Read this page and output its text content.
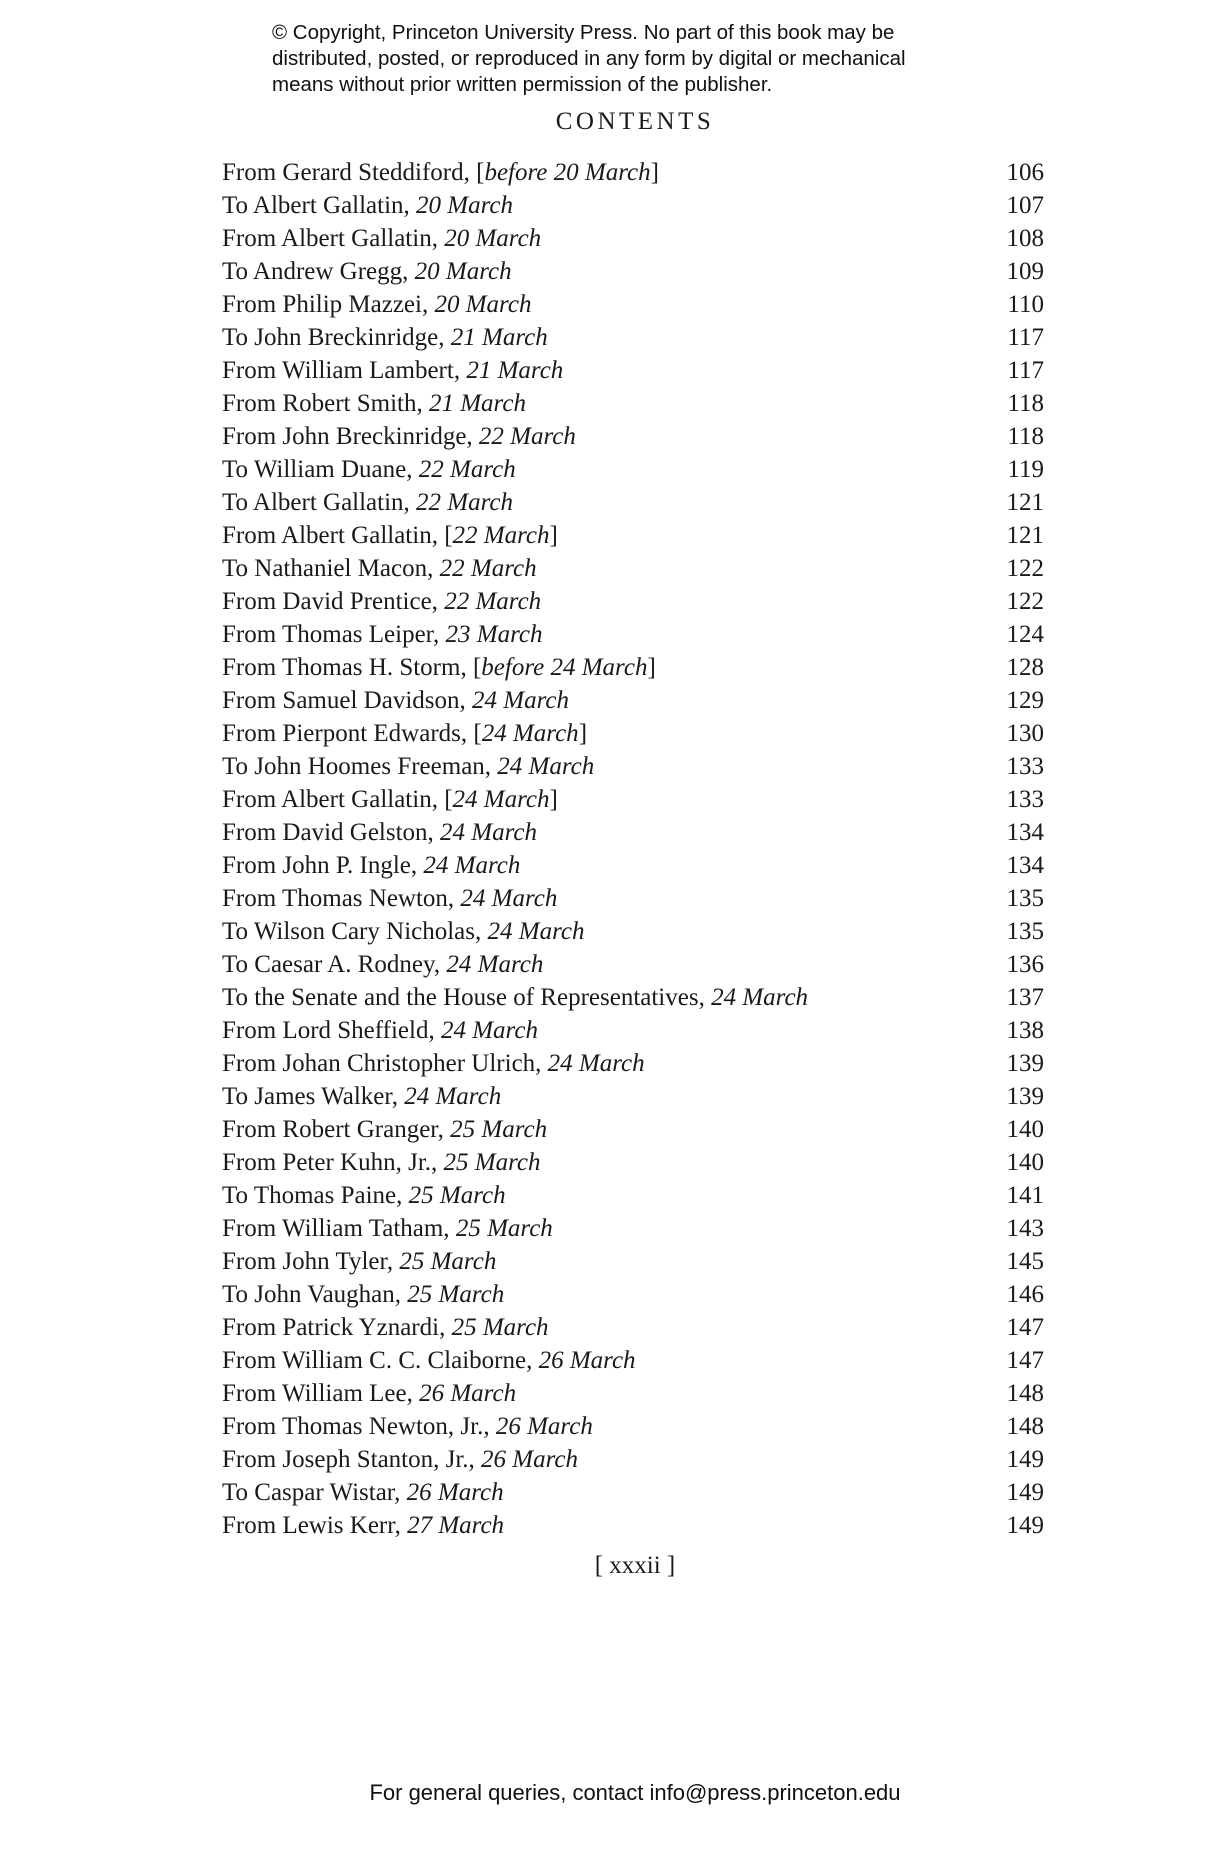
© Copyright, Princeton University Press. No part of this book may be
distributed, posted, or reproduced in any form by digital or mechanical
means without prior written permission of the publisher.
CONTENTS
From Gerard Steddiford, [before 20 March]	106
To Albert Gallatin, 20 March	107
From Albert Gallatin, 20 March	108
To Andrew Gregg, 20 March	109
From Philip Mazzei, 20 March	110
To John Breckinridge, 21 March	117
From William Lambert, 21 March	117
From Robert Smith, 21 March	118
From John Breckinridge, 22 March	118
To William Duane, 22 March	119
To Albert Gallatin, 22 March	121
From Albert Gallatin, [22 March]	121
To Nathaniel Macon, 22 March	122
From David Prentice, 22 March	122
From Thomas Leiper, 23 March	124
From Thomas H. Storm, [before 24 March]	128
From Samuel Davidson, 24 March	129
From Pierpont Edwards, [24 March]	130
To John Hoomes Freeman, 24 March	133
From Albert Gallatin, [24 March]	133
From David Gelston, 24 March	134
From John P. Ingle, 24 March	134
From Thomas Newton, 24 March	135
To Wilson Cary Nicholas, 24 March	135
To Caesar A. Rodney, 24 March	136
To the Senate and the House of Representatives, 24 March	137
From Lord Sheffield, 24 March	138
From Johan Christopher Ulrich, 24 March	139
To James Walker, 24 March	139
From Robert Granger, 25 March	140
From Peter Kuhn, Jr., 25 March	140
To Thomas Paine, 25 March	141
From William Tatham, 25 March	143
From John Tyler, 25 March	145
To John Vaughan, 25 March	146
From Patrick Yznardi, 25 March	147
From William C. C. Claiborne, 26 March	147
From William Lee, 26 March	148
From Thomas Newton, Jr., 26 March	148
From Joseph Stanton, Jr., 26 March	149
To Caspar Wistar, 26 March	149
From Lewis Kerr, 27 March	149
[ xxxii ]
For general queries, contact info@press.princeton.edu
